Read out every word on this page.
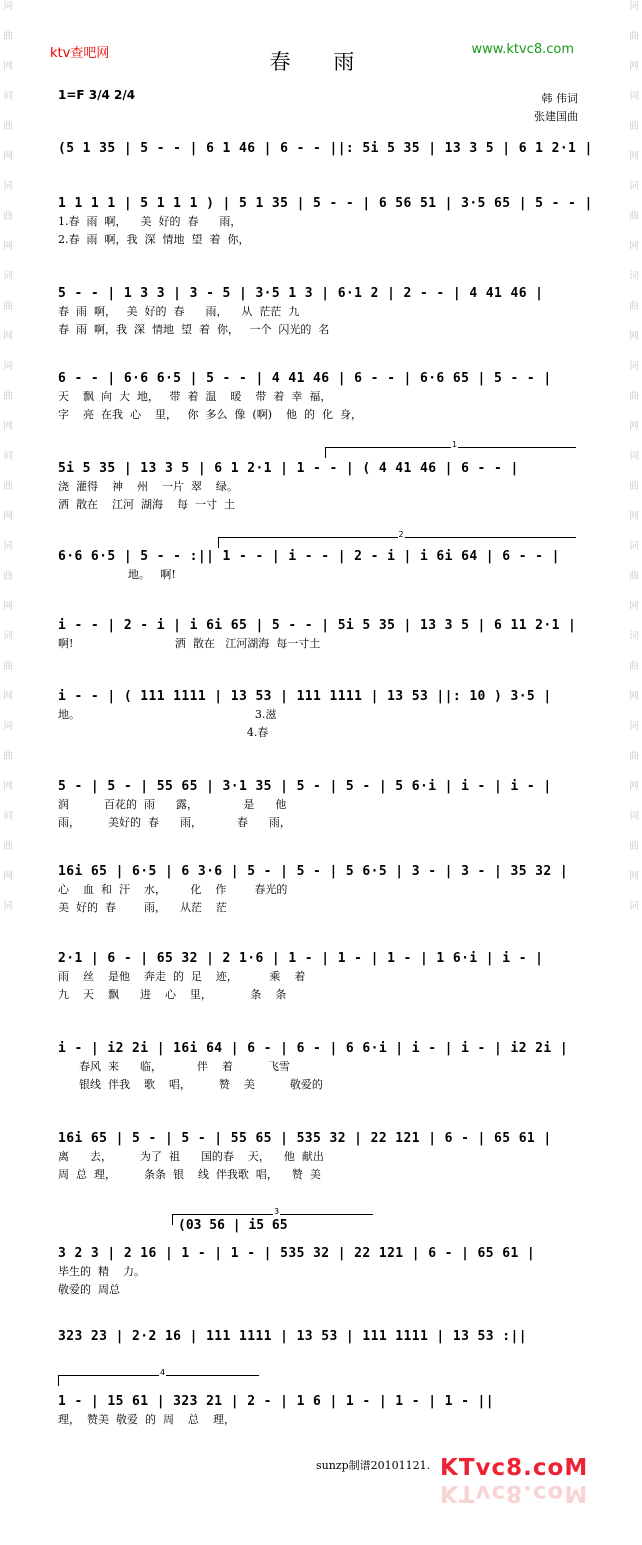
词
曲
网
词
曲
网
词
曲
网
词
曲
网
词
曲
网
词
曲
网
词
曲
网
词
曲
网
词
曲
网
词
曲
网
词
词
曲
网
词
曲
网
词
曲
网
词
曲
网
词
曲
网
词
曲
网
词
曲
网
词
曲
网
词
曲
网
词
曲
网
词
ktv查吧网	www.ktvc8.com
春 雨
1=F 3/4 2/4	韩 伟词
张建国曲
(5 1 35 | 5 - - | 6 1 46 | 6 - - ||: 5i 5 35 | 13 3 5 | 6 1 2·1 |
1 1 1 1 | 5 1 1 1 ) | 5 1 35 | 5 - - | 6 56 51 | 3·5 65 | 5 - - |
1.春  雨  啊，    美  好的  春      雨，
2.春  雨  啊，我  深  情地  望  着  你，
5 - - | 1 3 3 | 3 - 5 | 3·5 1 3 | 6·1 2 | 2 - - | 4 41 46 |
春  雨  啊，   美  好的  春      雨，    从  茫茫  九
春  雨  啊，我  深  情地  望  着  你，   一个  闪光的  名
6 - - | 6·6 6·5 | 5 - - | 4 41 46 | 6 - - | 6·6 65 | 5 - - |
天    飘  向  大  地，   带  着  温    暖    带  着  幸  福，
字    亮  在我  心    里，   你  多么  像  (啊)    他  的  化  身，
5i 5 35 | 13 3 5 | 6 1 2·1 | 1 - - | ( 4 41 46 | 6 - - |
浇  灌得    神    州    一片  翠    绿。
洒  散在    江河  湖海    每  一寸  土
6·6 6·5 | 5 - - :|| 1 - - | i - - | 2 - i | i 6i 64 | 6 - - |
地。   啊!
i - - | 2 - i | i 6i 65 | 5 - - | 5i 5 35 | 13 3 5 | 6 11 2·1 |
啊!                             洒  散在   江河湖海  每一寸土
i - - | ( 111 1111 | 13 53 | 111 1111 | 13 53 ||: 10 ) 3·5 |
地。                                                  3.滋
4.春
5 - | 5 - | 55 65 | 3·1 35 | 5 - | 5 - | 5 6·i | i - | i - |
润          百花的  雨      露，             是      他
雨，        美好的  春      雨，          春      雨，
16i 65 | 6·5 | 6 3·6 | 5 - | 5 - | 5 6·5 | 3 - | 3 - | 35 32 |
心    血  和  汗    水，       化    作        春光的
美  好的  春        雨，    从茫    茫
2·1 | 6 - | 65 32 | 2 1·6 | 1 - | 1 - | 1 - | 1 6·i | i - |
雨    丝    是他    奔走  的  足    迹，         乘    着
九    天    飘      进    心    里，           条    条
i - | i2 2i | 16i 64 | 6 - | 6 - | 6 6·i | i - | i - | i2 2i |
春风  来      临，          伴    着          飞雪
银线  伴我    歌    唱，        赞    美          敬爱的
16i 65 | 5 - | 5 - | 55 65 | 535 32 | 22 121 | 6 - | 65 61 |
离      去，        为了  祖      国的春    天，    他  献出
周  总  理，        条条  银    线  伴我歌  唱，    赞  美
3 2 3 | 2 16 | 1 - | 1 - | 535 32 | 22 121 | 6 - | 65 61 |
毕生的  精    力。
敬爱的  周总
323 23 | 2·2 16 | 111 1111 | 13 53 | 111 1111 | 13 53 :||
1 - | 15 61 | 323 21 | 2 - | 1 6 | 1 - | 1 - | 1 - ||
理，  赞美  敬爱  的  周    总    理，
1
2
3
(03 56 | i5 65
4
sunzp制谱20101121. KTvc8.coM
KTvc8.coM
